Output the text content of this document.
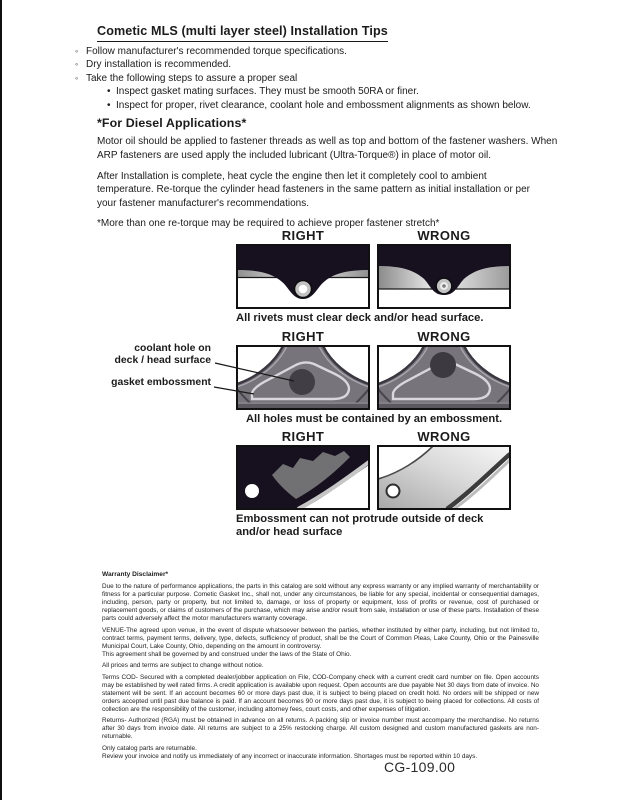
Cometic MLS (multi layer steel) Installation Tips
◦ Follow manufacturer's recommended torque specifications.
◦ Dry installation is recommended.
◦ Take the following steps to assure a proper seal
• Inspect gasket mating surfaces. They must be smooth 50RA or finer.
• Inspect for proper, rivet clearance, coolant hole and embossment alignments as shown below.
*For Diesel Applications*

Motor oil should be applied to fastener threads as well as top and bottom of the fastener washers. When ARP fasteners are used apply the included lubricant (Ultra-Torque®) in place of motor oil.

After Installation is complete, heat cycle the engine then let it completely cool to ambient temperature. Re-torque the cylinder head fasteners in the same pattern as initial installation or per your fastener manufacturer's recommendations.

*More than one re-torque may be required to achieve proper fastener stretch*

RIGHT	WRONG
All rivets must clear deck and/or head surface.
RIGHT	WRONG
All holes must be contained by an embossment.
coolant hole on
deck / head surface
gasket embossment
RIGHT	WRONG
Embossment can not protrude outside of deck
and/or head surface
Warranty Disclaimer*

Due to the nature of performance applications, the parts in this catalog are sold without any express warranty or any implied warranty of merchantability or fitness for a particular purpose. Cometic Gasket Inc., shall not, under any circumstances, be liable for any special, incidental or consequential damages, including, person, party or property, but not limited to, damage, or loss of property or equipment, loss of profits or revenue, cost of purchased or replacement goods, or claims of customers of the purchase, which may arise and/or result from sale, installation or use of these parts. Installation of these parts could adversely affect the motor manufacturers warranty coverage.

VENUE-The agreed upon venue, in the event of dispute whatsoever between the parties, whether instituted by either party, including, but not limited to, contract terms, payment terms, delivery, type, defects, sufficiency of product, shall be the Court of Common Pleas, Lake County, Ohio or the Painesville Municipal Court, Lake County, Ohio, depending on the amount in controversy.

This agreement shall be governed by and construed under the laws of the State of Ohio.

All prices and terms are subject to change without notice.

Terms COD- Secured with a completed dealer/jobber application on File, COD-Company check with a current credit card number on file. Open accounts may be established by well rated firms. A credit application is available upon request. Open accounts are due payable Net 30 days from date of invoice. No statement will be sent. If an account becomes 60 or more days past due, it is subject to being placed on credit hold. No orders will be shipped or new orders accepted until past due balance is paid. If an account becomes 90 or more days past due, it is subject to being placed for collections. All costs of collection are the responsibility of the customer, including attorney fees, court costs, and other expenses of litigation.

Returns- Authorized (RGA) must be obtained in advance on all returns. A packing slip or invoice number must accompany the merchandise. No returns after 30 days from invoice date. All returns are subject to a 25% restocking charge. All custom designed and custom manufactured gaskets are non-returnable.

Only catalog parts are returnable.

Review your invoice and notify us immediately of any incorrect or inaccurate information. Shortages must be reported within 10 days.

CG-109.00
